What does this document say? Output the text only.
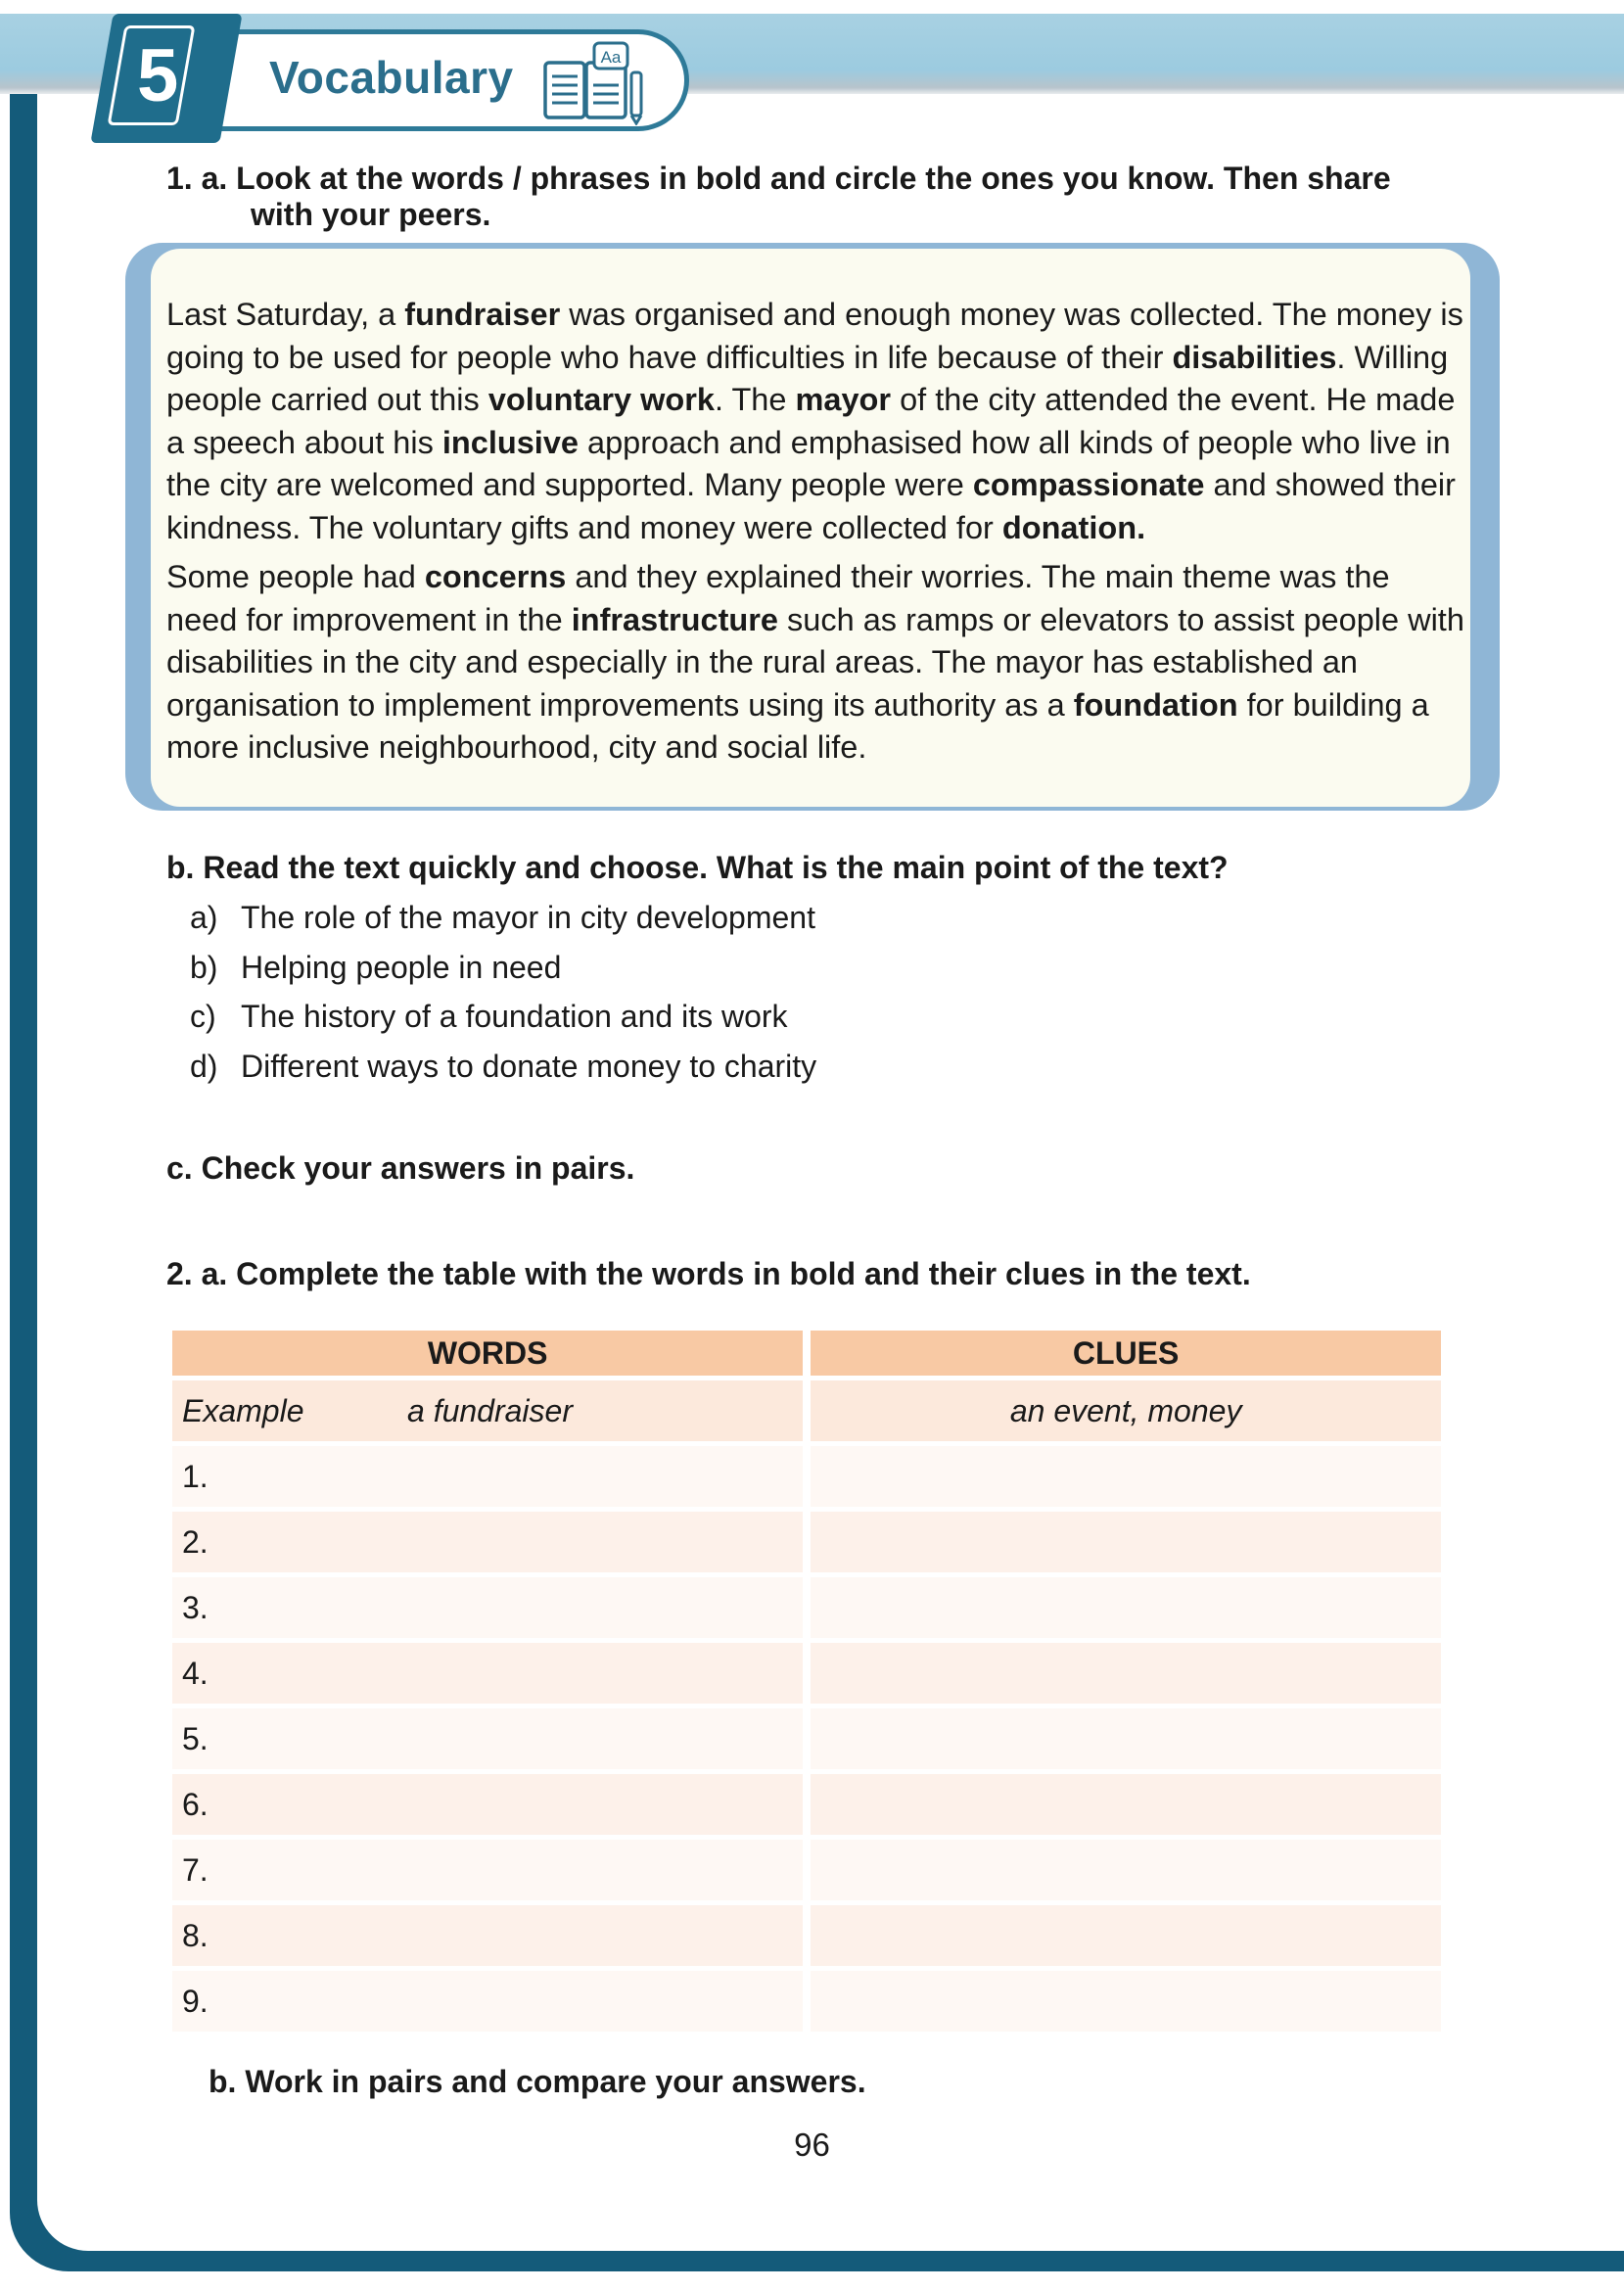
5	Vocabulary	Aa
1. a. Look at the words / phrases in bold and circle the ones you know. Then share
with your peers.

Last Saturday, a fundraiser was organised and enough money was collected. The money is going to be used for people who have difficulties in life because of their disabilities. Willing people carried out this voluntary work. The mayor of the city attended the event. He made a speech about his inclusive approach and emphasised how all kinds of people who live in the city are welcomed and supported. Many people were compassionate and showed their kindness. The voluntary gifts and money were collected for donation.

Some people had concerns and they explained their worries. The main theme was the need for improvement in the infrastructure such as ramps or elevators to assist people with disabilities in the city and especially in the rural areas. The mayor has established an organisation to implement improvements using its authority as a foundation for building a more inclusive neighbourhood, city and social life.

b. Read the text quickly and choose. What is the main point of the text?
a) The role of the mayor in city development
b) Helping people in need
c) The history of a foundation and its work
d) Different ways to donate money to charity
c. Check your answers in pairs.
2. a. Complete the table with the words in bold and their clues in the text.
WORDS	CLUES
Example a fundraiser	an event, money
1.	
2.	
3.	
4.	
5.	
6.	
7.	
8.	
9.	
b. Work in pairs and compare your answers.
96
